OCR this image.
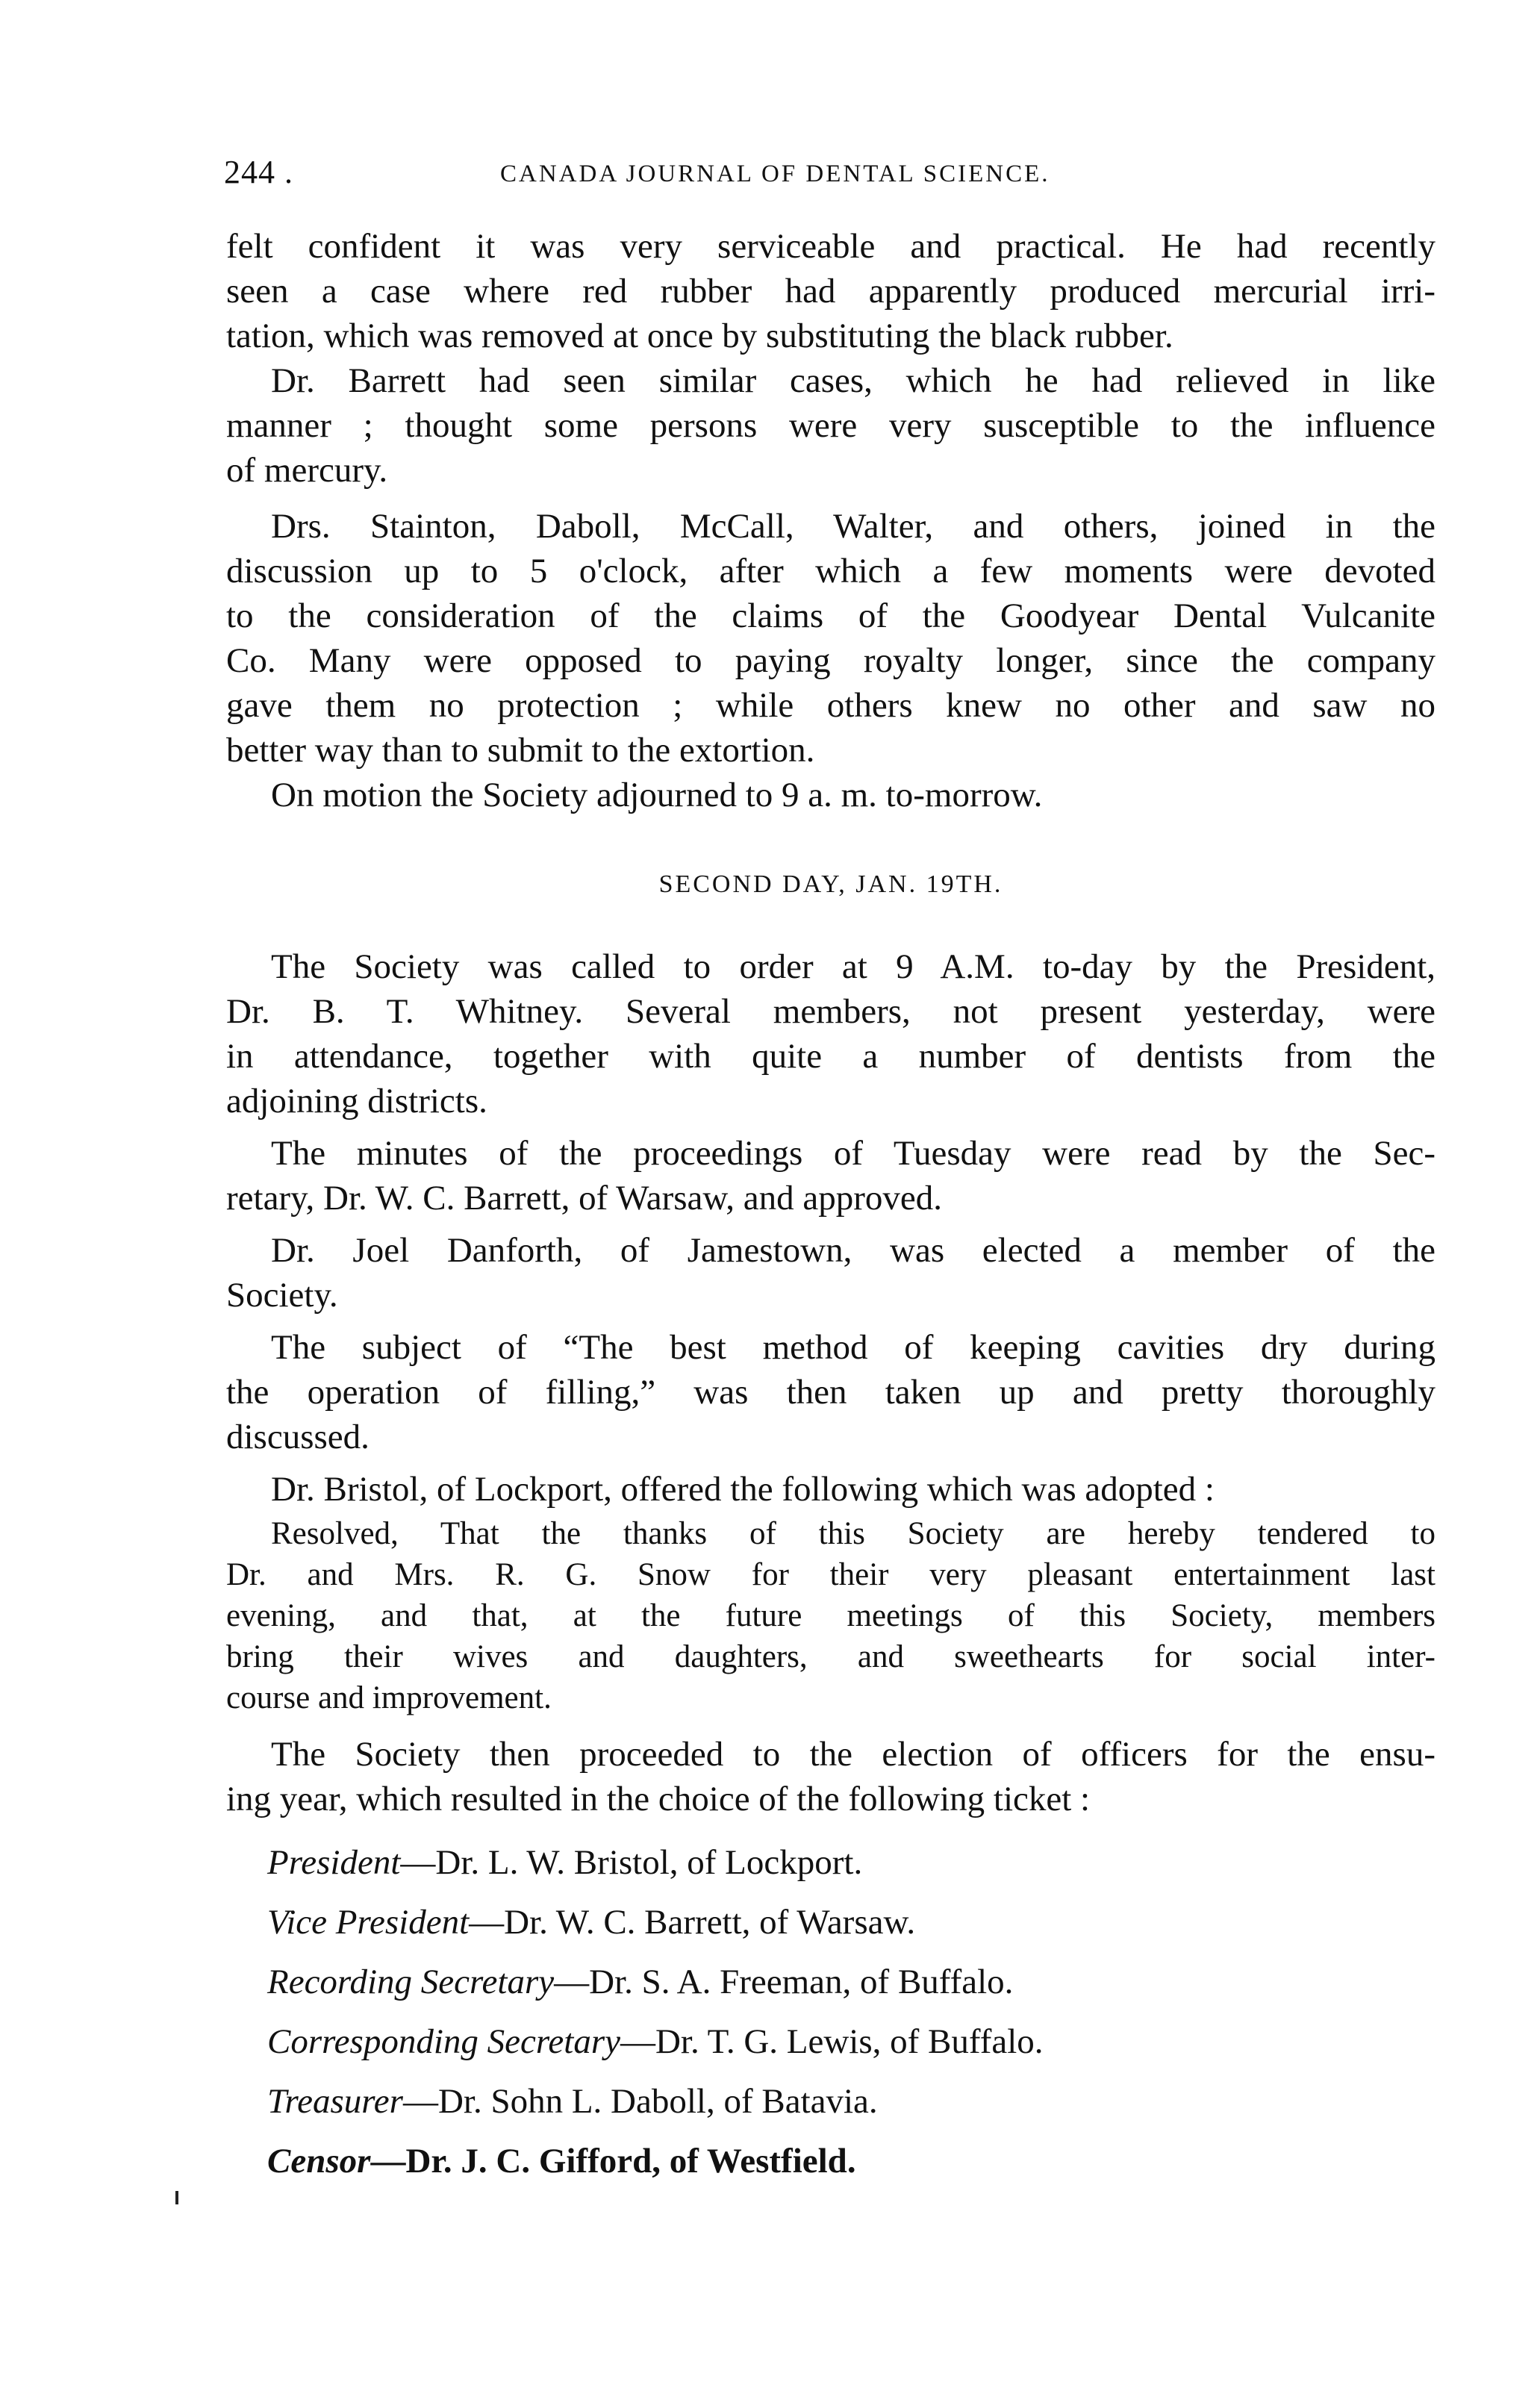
244 .	CANADA JOURNAL OF DENTAL SCIENCE.
felt confident it was very serviceable and practical. He had recently
seen a case where red rubber had apparently produced mercurial irri-
tation, which was removed at once by substituting the black rubber.
Dr. Barrett had seen similar cases, which he had relieved in like
manner ; thought some persons were very susceptible to the influence
of mercury.
Drs. Stainton, Daboll, McCall, Walter, and others, joined in the
discussion up to 5 o'clock, after which a few moments were devoted
to the consideration of the claims of the Goodyear Dental Vulcanite
Co. Many were opposed to paying royalty longer, since the company
gave them no protection ; while others knew no other and saw no
better way than to submit to the extortion.
On motion the Society adjourned to 9 a. m. to-morrow.
SECOND DAY, JAN. 19TH.
The Society was called to order at 9 A.M. to-day by the President,
Dr. B. T. Whitney. Several members, not present yesterday, were
in attendance, together with quite a number of dentists from the
adjoining districts.
The minutes of the proceedings of Tuesday were read by the Sec-
retary, Dr. W. C. Barrett, of Warsaw, and approved.
Dr. Joel Danforth, of Jamestown, was elected a member of the
Society.
The subject of “The best method of keeping cavities dry during
the operation of filling,” was then taken up and pretty thoroughly
discussed.
Dr. Bristol, of Lockport, offered the following which was adopted :
Resolved, That the thanks of this Society are hereby tendered to
Dr. and Mrs. R. G. Snow for their very pleasant entertainment last
evening, and that, at the future meetings of this Society, members
bring their wives and daughters, and sweethearts for social inter-
course and improvement.
The Society then proceeded to the election of officers for the ensu-
ing year, which resulted in the choice of the following ticket :
President—Dr. L. W. Bristol, of Lockport.
Vice President—Dr. W. C. Barrett, of Warsaw.
Recording Secretary—Dr. S. A. Freeman, of Buffalo.
Corresponding Secretary—Dr. T. G. Lewis, of Buffalo.
Treasurer—Dr. Sohn L. Daboll, of Batavia.
Censor—Dr. J. C. Gifford, of Westfield.
